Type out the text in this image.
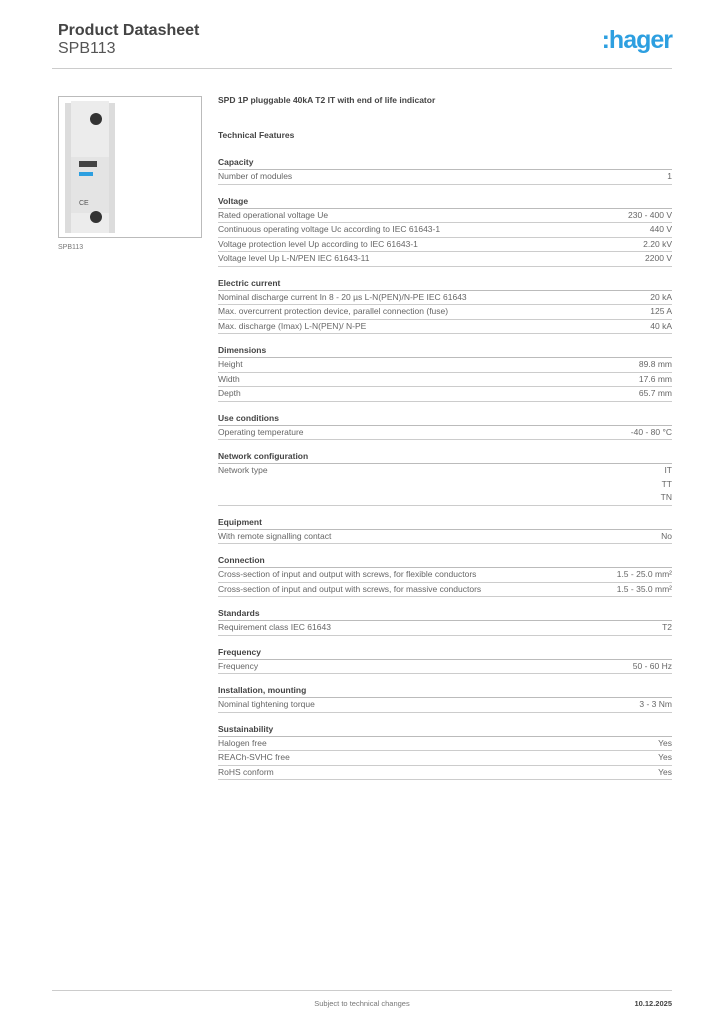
Product Datasheet
SPB113	:hager
CE
SPB113
SPD 1P pluggable 40kA T2 IT with end of life indicator
Technical Features
Capacity
Number of modules	1
Voltage
Rated operational voltage Ue	230 - 400 V
Continuous operating voltage Uc according to IEC 61643-1	440 V
Voltage protection level Up according to IEC 61643-1	2.20 kV
Voltage level Up L-N/PEN IEC 61643-11	2200 V
Electric current
Nominal discharge current In 8 - 20 µs L-N(PEN)/N-PE IEC 61643	20 kA
Max. overcurrent protection device, parallel connection (fuse)	125 A
Max. discharge (Imax) L-N(PEN)/ N-PE	40 kA
Dimensions
Height	89.8 mm
Width	17.6 mm
Depth	65.7 mm
Use conditions
Operating temperature	-40 - 80 °C
Network configuration
Network type	IT
TT
TN
Equipment
With remote signalling contact	No
Connection
Cross-section of input and output with screws, for flexible conductors	1.5 - 25.0 mm²
Cross-section of input and output with screws, for massive conductors	1.5 - 35.0 mm²
Standards
Requirement class IEC 61643	T2
Frequency
Frequency	50 - 60 Hz
Installation, mounting
Nominal tightening torque	3 - 3 Nm
Sustainability
Halogen free	Yes
REACh-SVHC free	Yes
RoHS conform	Yes
Subject to technical changes	10.12.2025
